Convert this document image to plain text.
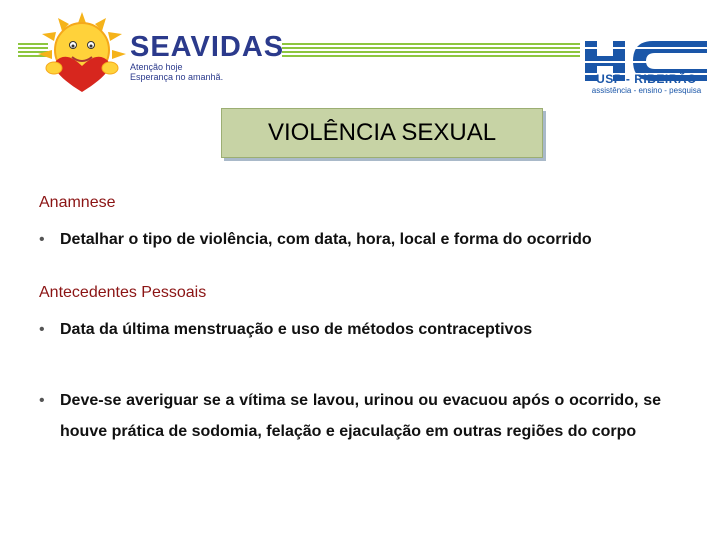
SEAVIDAS
Atenção hoje
Esperança no amanhã.	USP - RIBEIRÃO
assistência - ensino - pesquisa
VIOLÊNCIA SEXUAL
Anamnese
• Detalhar o tipo de violência, com data, hora, local e forma do ocorrido
Antecedentes Pessoais
• Data da última menstruação e uso de métodos contraceptivos
• Deve-se averiguar se a vítima se lavou, urinou ou evacuou após o ocorrido, se houve prática de sodomia, felação e ejaculação em outras regiões do corpo
